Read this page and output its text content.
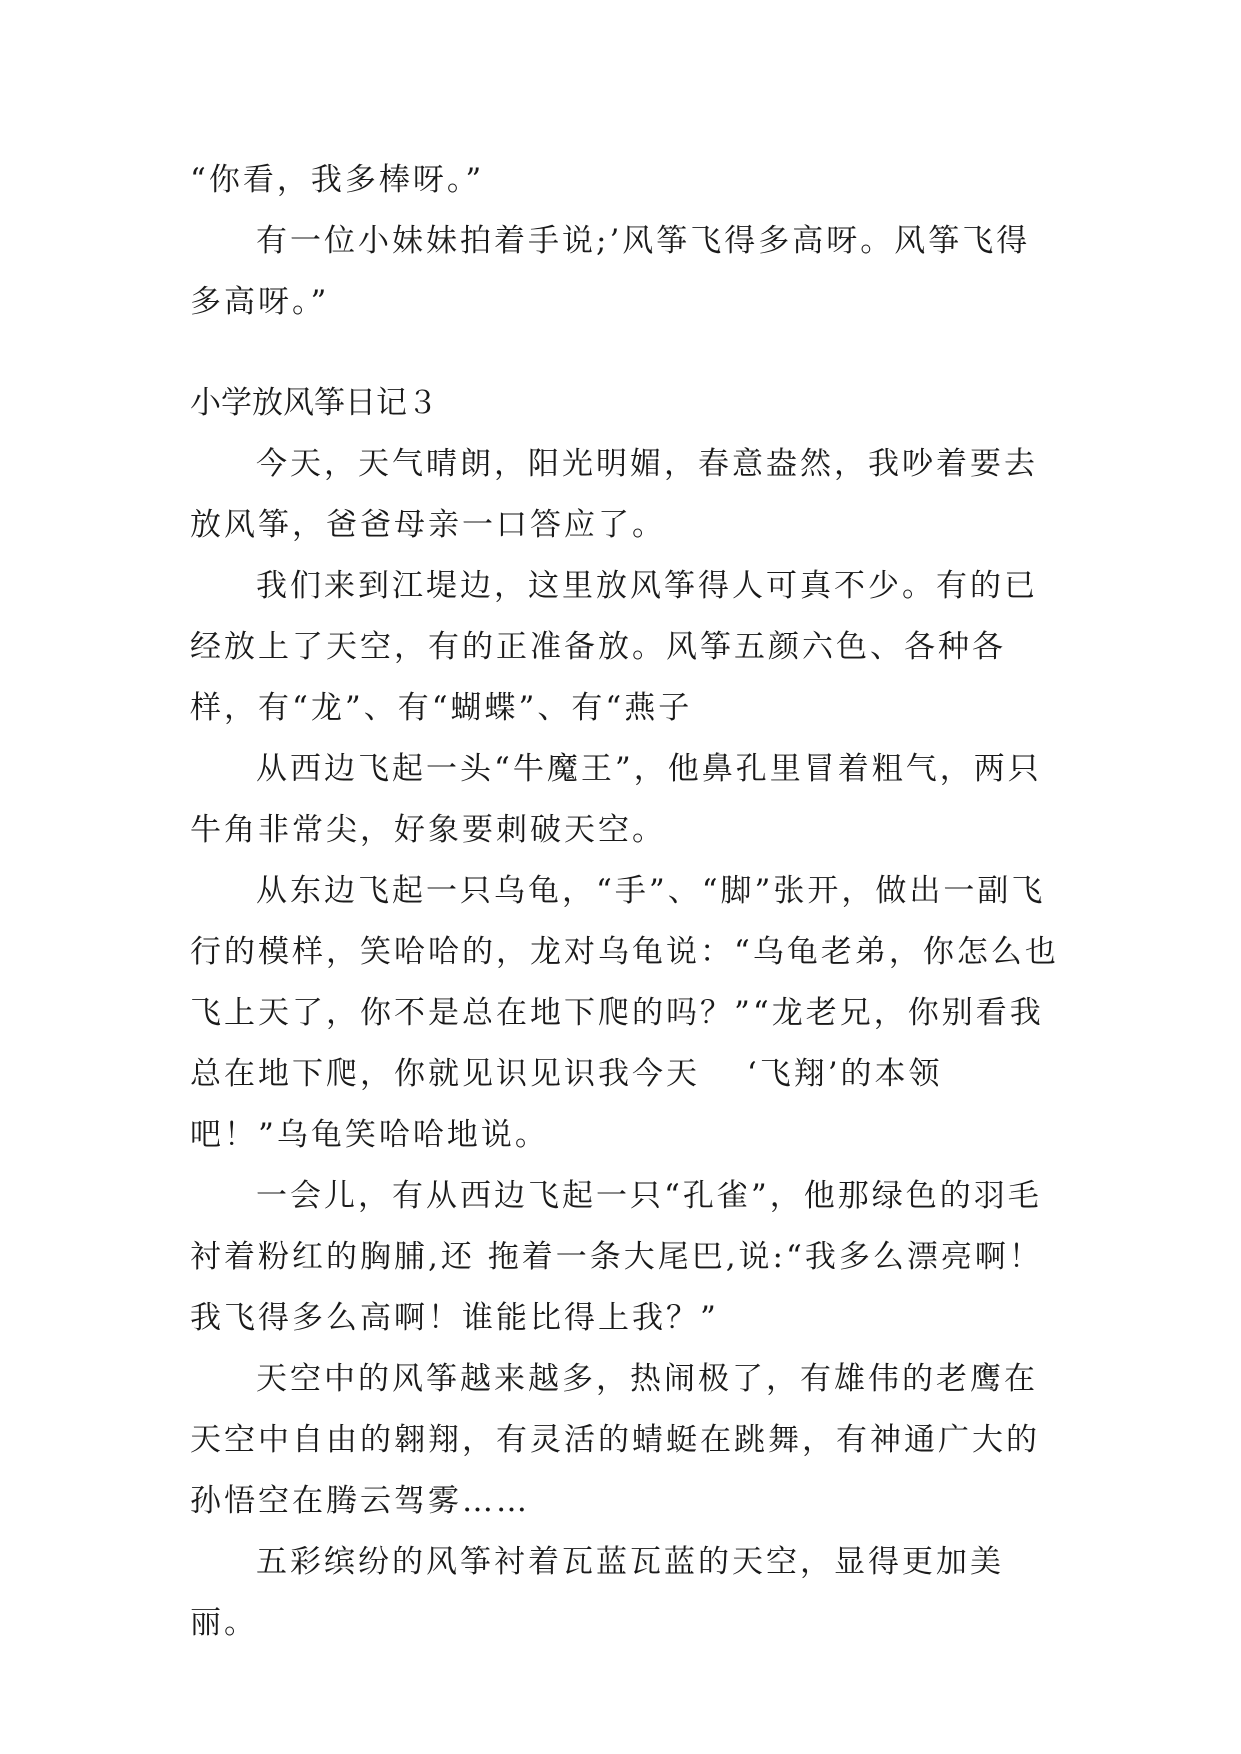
“你看，我多棒呀。”

有一位小妹妹拍着手说;’风筝飞得多高呀。风筝飞得多高呀。”

小学放风筝日记３

今天，天气晴朗，阳光明媚，春意盎然，我吵着要去放风筝，爸爸母亲一口答应了。

我们来到江堤边，这里放风筝得人可真不少。有的已经放上了天空，有的正准备放。风筝五颜六色、各种各样，有“龙”、有“蝴蝶”、有“燕子

从西边飞起一头“牛魔王”，他鼻孔里冒着粗气，两只牛角非常尖，好象要刺破天空。

从东边飞起一只乌龟，“手”、“脚”张开，做出一副飞行的模样，笑哈哈的，龙对乌龟说：“乌龟老弟，你怎么也飞上天了，你不是总在地下爬的吗？”“龙老兄，你别看我总在地下爬，你就见识见识我今天 　‘飞翔’的本领吧！”乌龟笑哈哈地说。

一会儿，有从西边飞起一只“孔雀”，他那绿色的羽毛衬着粉红的胸脯,还 拖着一条大尾巴,说:“我多么漂亮啊！我飞得多么高啊！谁能比得上我？”

天空中的风筝越来越多，热闹极了，有雄伟的老鹰在天空中自由的翱翔，有灵活的蜻蜓在跳舞，有神通广大的孙悟空在腾云驾雾……

五彩缤纷的风筝衬着瓦蓝瓦蓝的天空，显得更加美丽。
